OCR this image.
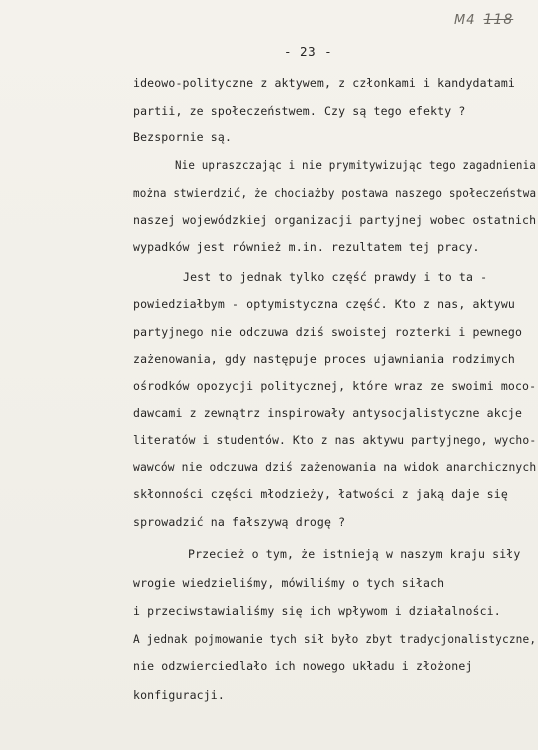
M4 118
- 23 -
ideowo-polityczne z aktywem, z członkami i kandydatami
partii, ze społeczeństwem. Czy są tego efekty ?
Bezspornie są.
Nie upraszczając i nie prymitywizując tego zagadnienia
można stwierdzić, że chociażby postawa naszego społeczeństwa
naszej wojewódzkiej organizacji partyjnej wobec ostatnich
wypadków jest również m.in. rezultatem tej pracy.
Jest to jednak tylko część prawdy i to ta -
powiedziałbym - optymistyczna część. Kto z nas, aktywu
partyjnego nie odczuwa dziś swoistej rozterki i pewnego
zażenowania, gdy następuje proces ujawniania rodzimych
ośrodków opozycji politycznej, które wraz ze swoimi moco-
dawcami z zewnątrz inspirowały antysocjalistyczne akcje
literatów i studentów. Kto z nas aktywu partyjnego, wycho-
wawców nie odczuwa dziś zażenowania na widok anarchicznych
skłonności części młodzieży, łatwości z jaką daje się
sprowadzić na fałszywą drogę ?
Przecież o tym, że istnieją w naszym kraju siły
wrogie wiedzieliśmy, mówiliśmy o tych siłach
i przeciwstawialiśmy się ich wpływom i działalności.
A jednak pojmowanie tych sił było zbyt tradycjonalistyczne,
nie odzwierciedlało ich nowego układu i złożonej
konfiguracji.
